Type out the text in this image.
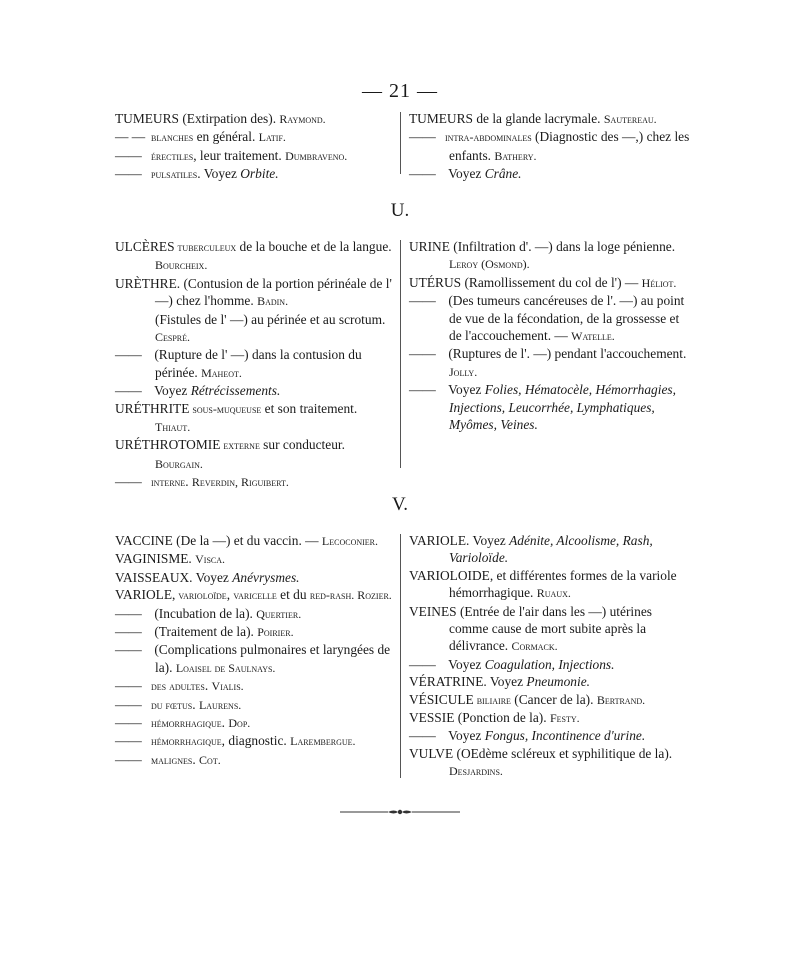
— 21 —
TUMEURS (Extirpation des). Raymond.
— — blanches en général. Latif.
——érectiles, leur traitement. Dumbraveno.
—— pulsatiles. Voyez Orbite.
TUMEURS de la glande lacrymale. Sautereau.
—— intra-abdominales (Diagnostic des —,) chez les enfants. Bathery.
—— Voyez Crâne.
U.
ULCÈRES tuberculeux de la bouche et de la langue. Bourcheix.
URÈTHRE. (Contusion de la portion périnéale de l' —) chez l'homme. Badin.
(Fistules de l' —) au périnée et au scrotum. Cespré.
—— (Rupture de l' —) dans la contusion du périnée. Maheot.
—— Voyez Rétrécissements.
URÉTHRITE sous-muqueuse et son traitement. Thiaut.
URÉTHROTOMIE externe sur conducteur. Bourgain.
—— interne. Reverdin, Riguibert.
URINE (Infiltration d'. —) dans la loge pénienne. Leroy (Osmond).
UTÉRUS (Ramollissement du col de l') — Héliot.
—— (Des tumeurs cancéreuses de l'. —) au point de vue de la fécondation, de la grossesse et de l'accouchement. — Watelle.
—— (Ruptures de l'. —) pendant l'accouchement. Jolly.
—— Voyez Folies, Hématocèle, Hémorrhagies, Injections, Leucorrhée, Lymphatiques, Myômes, Veines.
V.
VACCINE (De la —) et du vaccin. — Lecoconier.
VAGINISME. Visca.
VAISSEAUX. Voyez Anévrysmes.
VARIOLE, varioloïde, varicelle et du red-rash. Rozier.
—— (Incubation de la). Quertier.
—— (Traitement de la). Poirier.
—— (Complications pulmonaires et laryngées de la). Loaisel de Saulnays.
—— des adultes. Vialis.
—— du fœtus. Laurens.
—— hémorrhagique. Dop.
—— hémorrhagique, diagnostic. Larembergue.
—— malignes. Cot.
VARIOLE. Voyez Adénite, Alcoolisme, Rash, Varioloïde.
VARIOLOIDE, et différentes formes de la variole hémorrhagique. Ruaux.
VEINES (Entrée de l'air dans les —) utérines comme cause de mort subite après la délivrance. Cormack.
—— Voyez Coagulation, Injections.
VÉRATRINE. Voyez Pneumonie.
VÉSICULE biliaire (Cancer de la). Bertrand.
VESSIE (Ponction de la). Festy.
—— Voyez Fongus, Incontinence d'urine.
VULVE (OEdème scléreux et syphilitique de la). Desjardins.
